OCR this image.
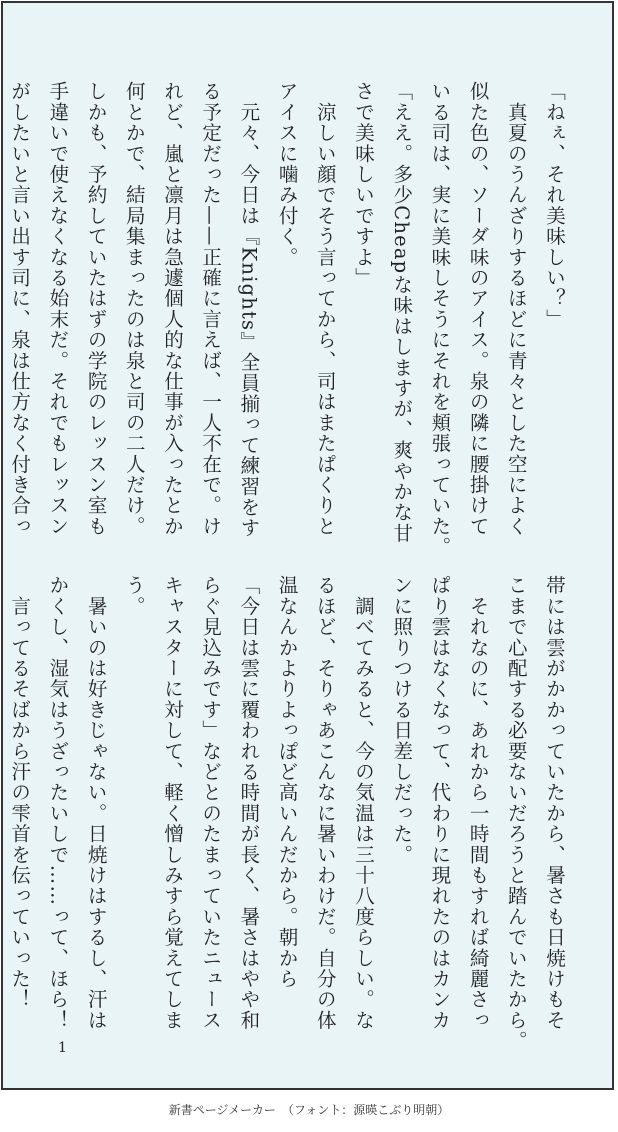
「ねぇ、それ美味しい？」
　真夏のうんざりするほどに青々とした空によく
似た色の、ソーダ味のアイス。泉の隣に腰掛けて
いる司は、実に美味しそうにそれを頬張っていた。
「ええ。多少Cheapな味はしますが、爽やかな甘
さで美味しいですよ」
　涼しい顔でそう言ってから、司はまたぱくりと
アイスに噛み付く。
　元々、今日は『Knights』全員揃って練習をす
る予定だった——正確に言えば、一人不在で。け
れど、嵐と凛月は急遽個人的な仕事が入ったとか
何とかで、結局集まったのは泉と司の二人だけ。
しかも、予約していたはずの学院のレッスン室も
手違いで使えなくなる始末だ。それでもレッスン
がしたいと言い出す司に、泉は仕方なく付き合っ
帯には雲がかかっていたから、暑さも日焼けもそ
こまで心配する必要ないだろうと踏んでいたから。
　それなのに、あれから一時間もすれば綺麗さっ
ぱり雲はなくなって、代わりに現れたのはカンカ
ンに照りつける日差しだった。
　調べてみると、今の気温は三十八度らしい。な
るほど、そりゃあこんなに暑いわけだ。自分の体
温なんかよりよっぽど高いんだから。朝から
「今日は雲に覆われる時間が長く、暑さはやや和
らぐ見込みです」などとのたまっていたニュース
キャスターに対して、軽く憎しみすら覚えてしま
う。
　暑いのは好きじゃない。日焼けはするし、汗は
かくし、湿気はうざったいしで……って、ほら！
　言ってるそばから汗の雫首を伝っていった！
1
新書ページメーカー　（フォント：源暎こぶり明朝）
